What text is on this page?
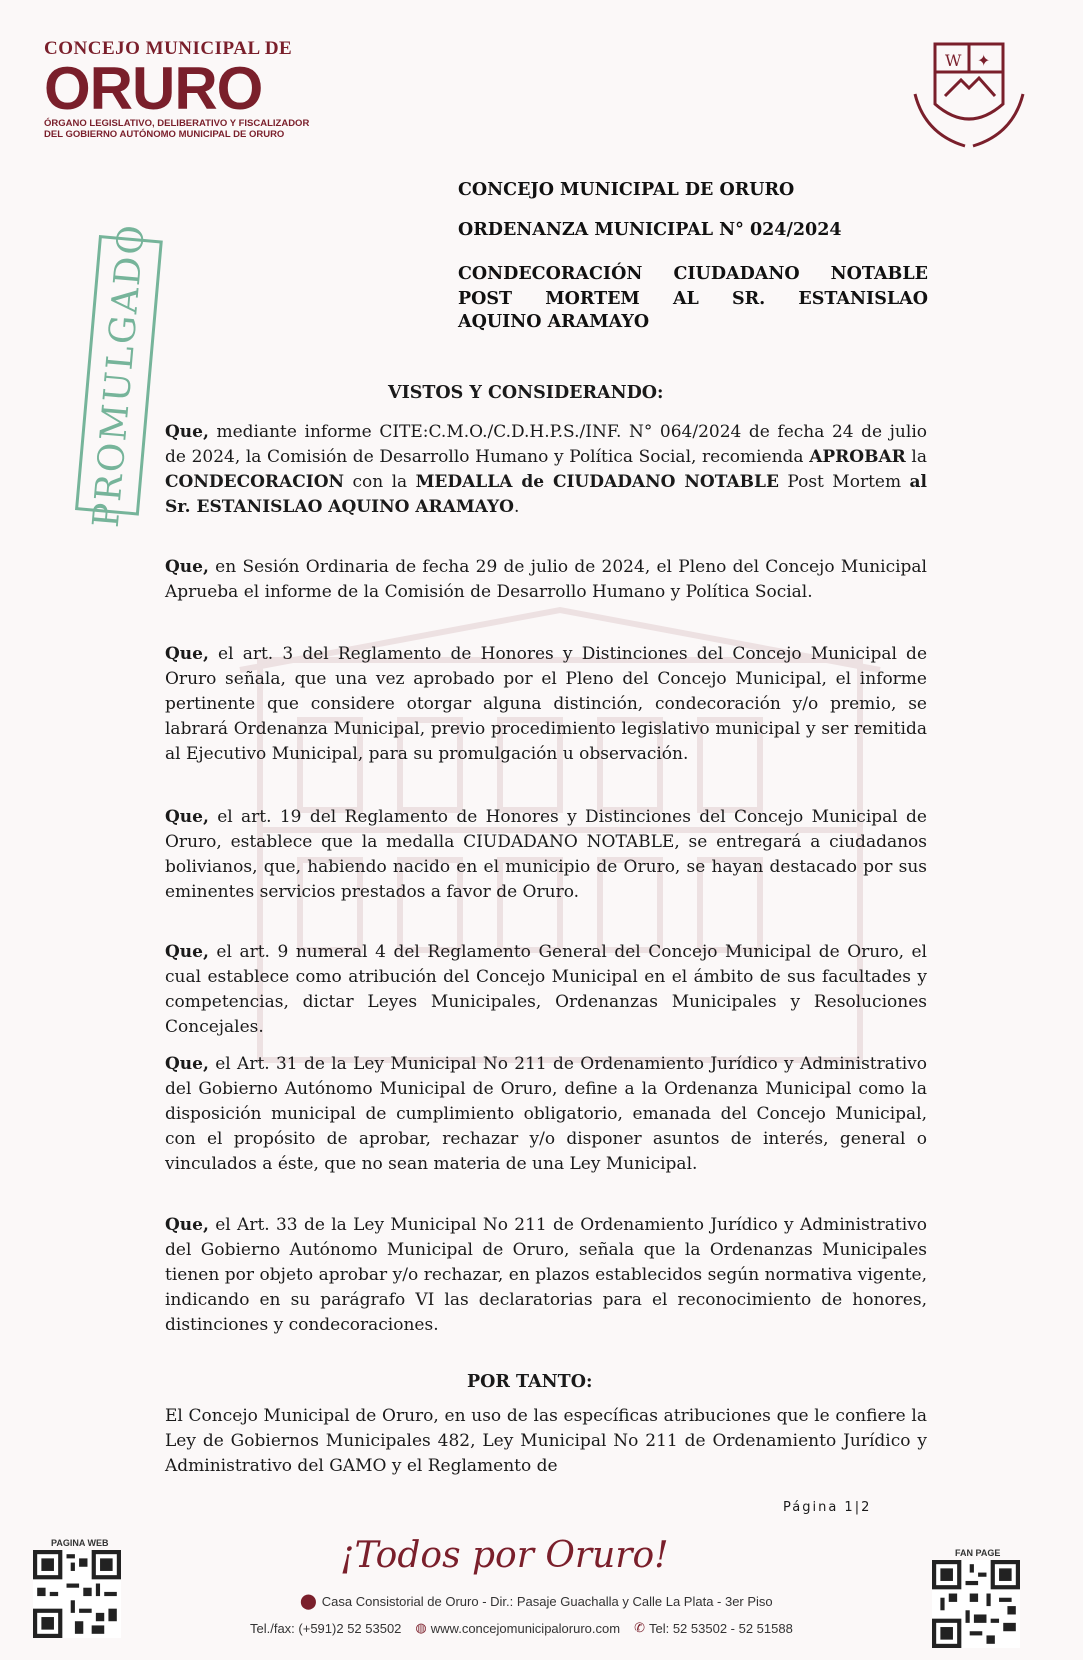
CONCEJO MUNICIPAL DE
ORURO
ÓRGANO LEGISLATIVO, DELIBERATIVO Y FISCALIZADOR
DEL GOBIERNO AUTÓNOMO MUNICIPAL DE ORURO
W ✦
PROMULGADO
CONCEJO MUNICIPAL DE ORURO
ORDENANZA MUNICIPAL N° 024/2024
CONDECORACIÓN CIUDADANO NOTABLE POST MORTEM AL SR. ESTANISLAO
AQUINO ARAMAYO
VISTOS Y CONSIDERANDO:
Que, mediante informe CITE:C.M.O./C.D.H.P.S./INF. N° 064/2024 de fecha 24 de julio de 2024, la Comisión de Desarrollo Humano y Política Social, recomienda APROBAR la CONDECORACION con la MEDALLA de CIUDADANO NOTABLE Post Mortem al Sr. ESTANISLAO AQUINO ARAMAYO.
Que, en Sesión Ordinaria de fecha 29 de julio de 2024, el Pleno del Concejo Municipal Aprueba el informe de la Comisión de Desarrollo Humano y Política Social.
Que, el art. 3 del Reglamento de Honores y Distinciones del Concejo Municipal de Oruro señala, que una vez aprobado por el Pleno del Concejo Municipal, el informe pertinente que considere otorgar alguna distinción, condecoración y/o premio, se labrará Ordenanza Municipal, previo procedimiento legislativo municipal y ser remitida al Ejecutivo Municipal, para su promulgación u observación.
Que, el art. 19 del Reglamento de Honores y Distinciones del Concejo Municipal de Oruro, establece que la medalla CIUDADANO NOTABLE, se entregará a ciudadanos bolivianos, que, habiendo nacido en el municipio de Oruro, se hayan destacado por sus eminentes servicios prestados a favor de Oruro.
Que, el art. 9 numeral 4 del Reglamento General del Concejo Municipal de Oruro, el cual establece como atribución del Concejo Municipal en el ámbito de sus facultades y competencias, dictar Leyes Municipales, Ordenanzas Municipales y Resoluciones Concejales.
Que, el Art. 31 de la Ley Municipal No 211 de Ordenamiento Jurídico y Administrativo del Gobierno Autónomo Municipal de Oruro, define a la Ordenanza Municipal como la disposición municipal de cumplimiento obligatorio, emanada del Concejo Municipal, con el propósito de aprobar, rechazar y/o disponer asuntos de interés, general o vinculados a éste, que no sean materia de una Ley Municipal.
Que, el Art. 33 de la Ley Municipal No 211 de Ordenamiento Jurídico y Administrativo del Gobierno Autónomo Municipal de Oruro, señala que la Ordenanzas Municipales tienen por objeto aprobar y/o rechazar, en plazos establecidos según normativa vigente, indicando en su parágrafo VI las declaratorias para el reconocimiento de honores, distinciones y condecoraciones.
POR TANTO:
El Concejo Municipal de Oruro, en uso de las específicas atribuciones que le confiere la Ley de Gobiernos Municipales 482, Ley Municipal No 211 de Ordenamiento Jurídico y Administrativo del GAMO y el Reglamento de
Página 1|2
¡Todos por Oruro!
⬤ Casa Consistorial de Oruro - Dir.: Pasaje Guachalla y Calle La Plata - 3er Piso
Tel./fax: (+591)2 52 53502 ◍ www.concejomunicipaloruro.com ✆ Tel: 52 53502 - 52 51588
PAGINA WEB
FAN PAGE
